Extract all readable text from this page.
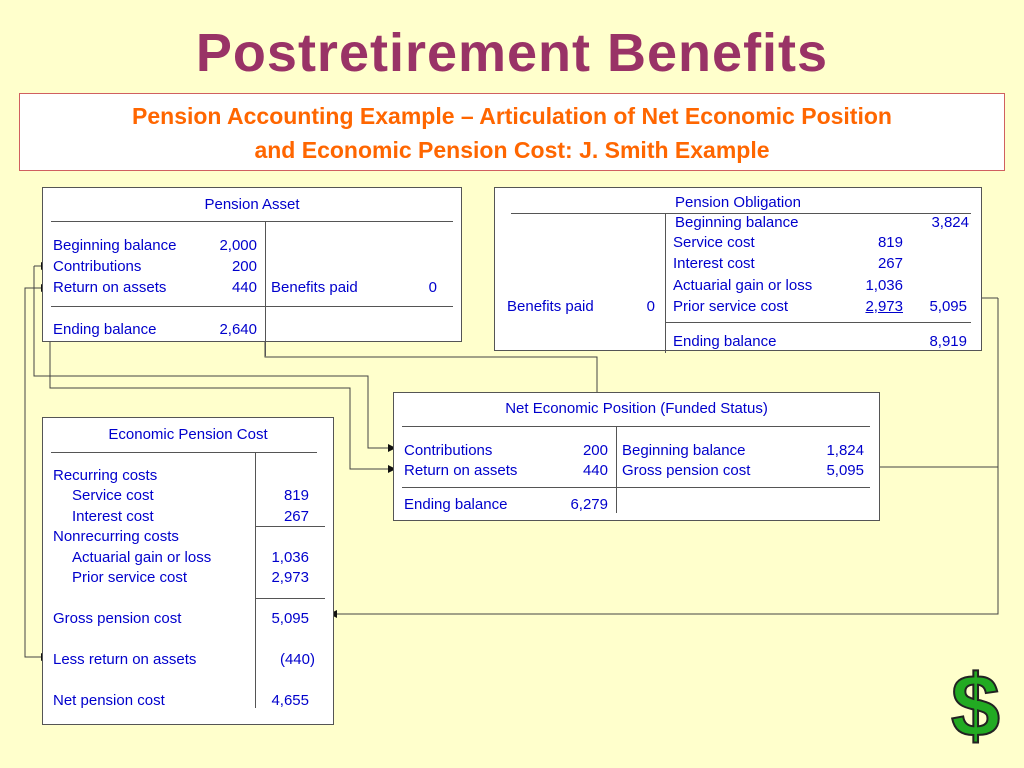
Postretirement Benefits
Pension Accounting Example – Articulation of Net Economic Position
and Economic Pension Cost: J. Smith Example
Pension Asset
Beginning balance	2,000
Contributions	200
Return on assets	440 Benefits paid	0
Ending balance	2,640
Pension Obligation
Beginning balance	3,824
Service cost	819
Interest cost	267
Actuarial gain or loss	1,036
Prior service cost	2,973	5,095
Benefits paid	0
Ending balance	8,919
Net Economic Position (Funded Status)
Contributions	200
Return on assets	440
Beginning balance	1,824
Gross pension cost	5,095
Ending balance	6,279
Economic Pension Cost
Recurring costs
Service cost	819
Interest cost	267
Nonrecurring costs
Actuarial gain or loss	1,036
Prior service cost	2,973
Gross pension cost	5,095
Less return on assets	(440)
Net pension cost	4,655	$
